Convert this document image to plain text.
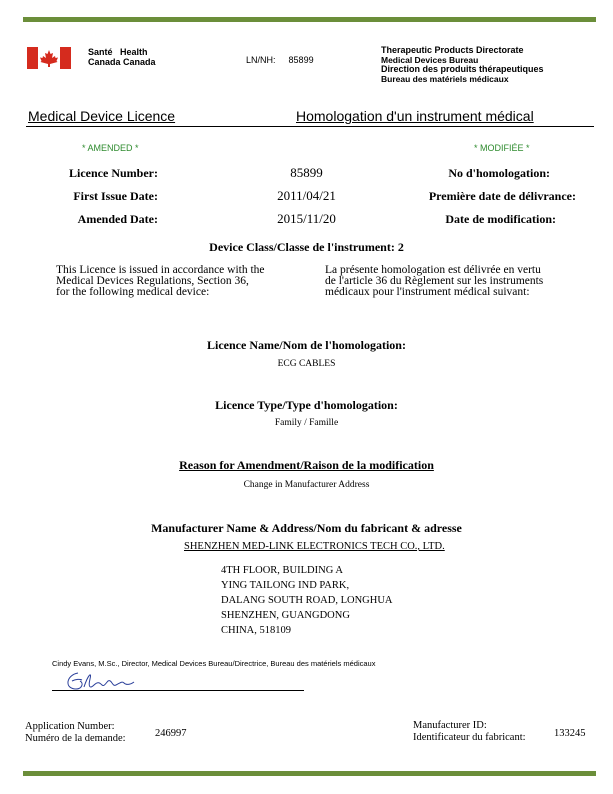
Santé   Health
Canada Canada	LN/NH: 85899
Therapeutic Products Directorate
Medical Devices Bureau
Direction des produits thérapeutiques
Bureau des matériels médicaux
Medical Device Licence	Homologation d'un instrument médical
* AMENDED *	* MODIFIÉE *
Licence Number:	85899	No d'homologation:
First Issue Date:	2011/04/21	Première date de délivrance:
Amended Date:	2015/11/20	Date de modification:
Device Class/Classe de l'instrument: 2
This Licence is issued in accordance with the
Medical Devices Regulations, Section 36,
for the following medical device:
La présente homologation est délivrée en vertu
de l'article 36 du Règlement sur les instruments
médicaux pour l'instrument médical suivant:
Licence Name/Nom de l'homologation:
ECG CABLES
Licence Type/Type d'homologation:
Family / Famille
Reason for Amendment/Raison de la modification
Change in Manufacturer Address
Manufacturer Name & Address/Nom du fabricant & adresse
SHENZHEN MED-LINK ELECTRONICS TECH CO., LTD.
4TH FLOOR, BUILDING A
YING TAILONG IND PARK,
DALANG SOUTH ROAD, LONGHUA
SHENZHEN, GUANGDONG
CHINA, 518109
Cindy Evans, M.Sc., Director, Medical Devices Bureau/Directrice, Bureau des matériels médicaux
Application Number:
Numéro de la demande:	246997
Manufacturer ID:
Identificateur du fabricant:	133245
